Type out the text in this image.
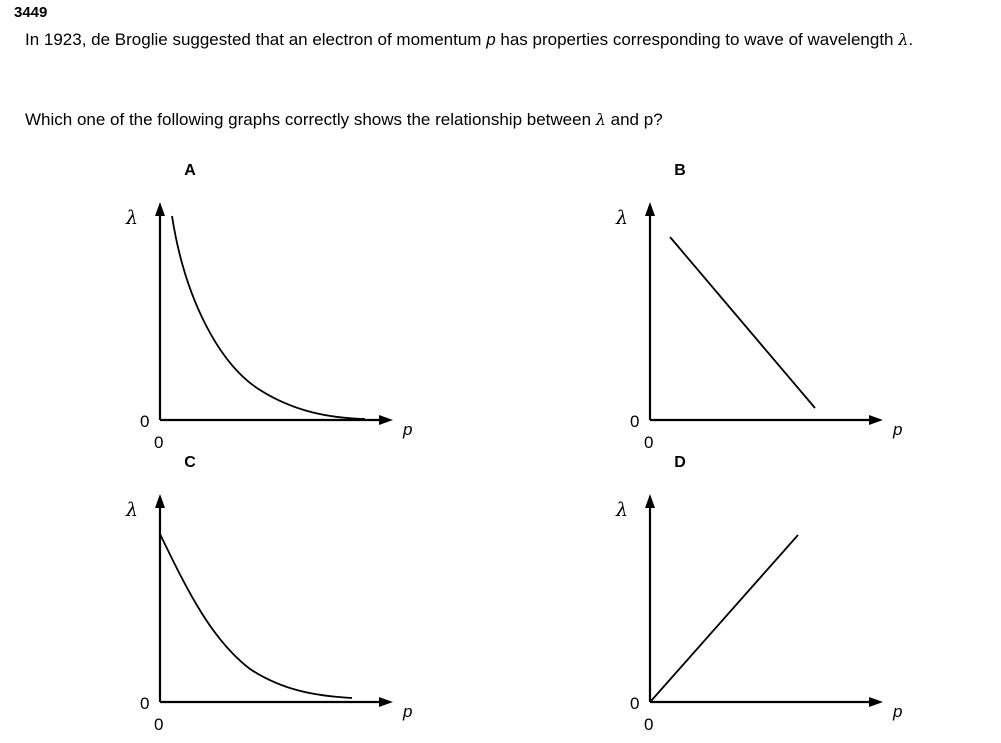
3449
In 1923, de Broglie suggested that an electron of momentum p has properties corresponding to wave of wavelength λ.
Which one of the following graphs correctly shows the relationship between λ and p?
A
λ
p
0
0
B
λ
p
0
0
C
λ
p
0
0
D
λ
p
0
0
